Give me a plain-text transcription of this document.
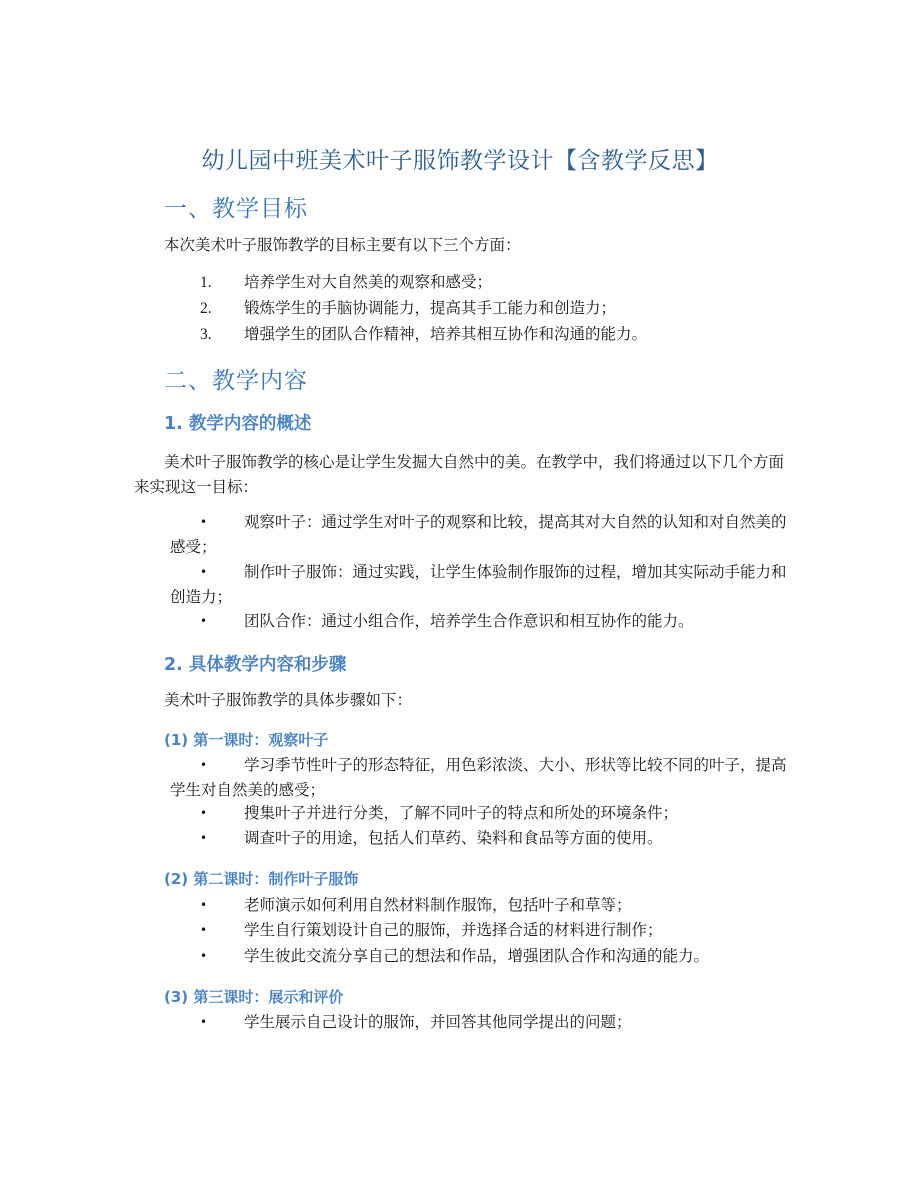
幼儿园中班美术叶子服饰教学设计【含教学反思】
一、教学目标
本次美术叶子服饰教学的目标主要有以下三个方面：
1. 培养学生对大自然美的观察和感受；
2. 锻炼学生的手脑协调能力，提高其手工能力和创造力；
3. 增强学生的团队合作精神，培养其相互协作和沟通的能力。
二、教学内容
1. 教学内容的概述
美术叶子服饰教学的核心是让学生发掘大自然中的美。在教学中，我们将通过以下几个方面来实现这一目标：
•	观察叶子：通过学生对叶子的观察和比较，提高其对大自然的认知和对自然美的感受；
•	制作叶子服饰：通过实践，让学生体验制作服饰的过程，增加其实际动手能力和创造力；
•	团队合作：通过小组合作，培养学生合作意识和相互协作的能力。
2. 具体教学内容和步骤
美术叶子服饰教学的具体步骤如下：
(1) 第一课时：观察叶子
•	学习季节性叶子的形态特征，用色彩浓淡、大小、形状等比较不同的叶子，提高学生对自然美的感受；
•	搜集叶子并进行分类，了解不同叶子的特点和所处的环境条件；
•	调查叶子的用途，包括人们草药、染料和食品等方面的使用。
(2) 第二课时：制作叶子服饰
•	老师演示如何利用自然材料制作服饰，包括叶子和草等；
•	学生自行策划设计自己的服饰，并选择合适的材料进行制作；
•	学生彼此交流分享自己的想法和作品，增强团队合作和沟通的能力。
(3) 第三课时：展示和评价
•	学生展示自己设计的服饰，并回答其他同学提出的问题；
